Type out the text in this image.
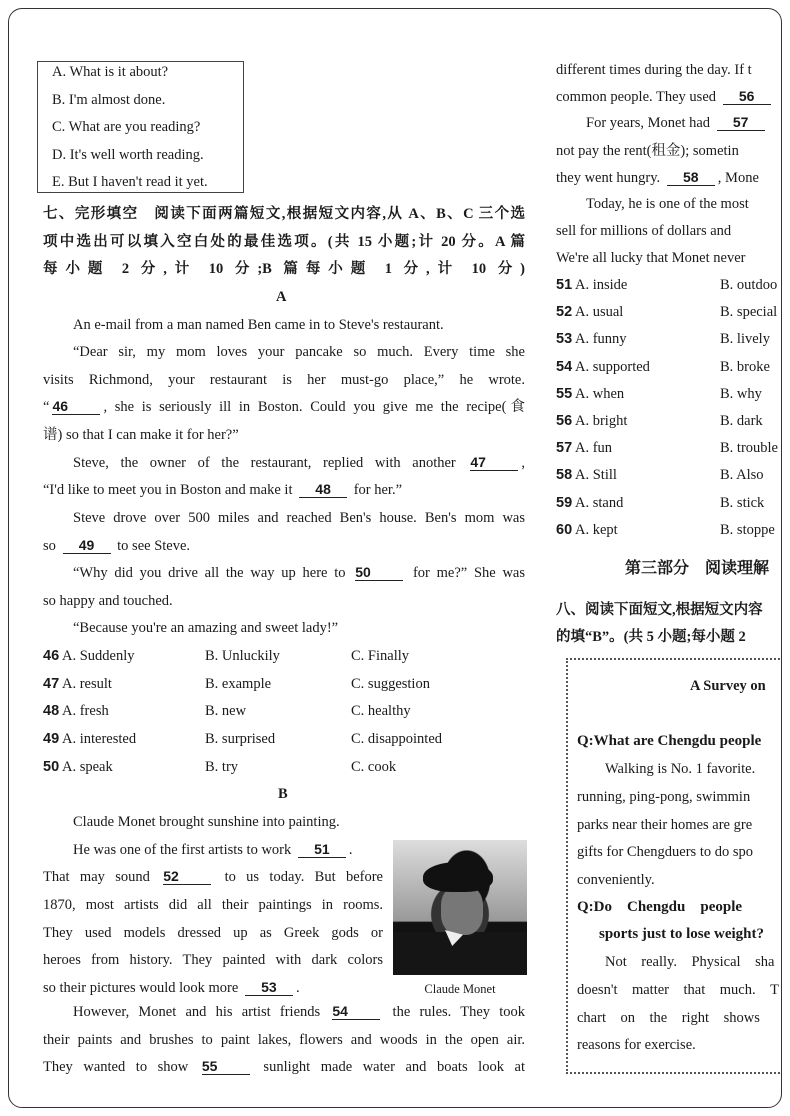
Claude Monet
different times during the day. If t
common people. They used 56
For years, Monet had 57
not pay the rent(租金); sometin
they went hungry. 58 , Mone
Today, he is one of the most
sell for millions of dollars and
We're all lucky that Monet never
51 A. inside	B. outdoo
52 A. usual	B. special
53 A. funny	B. lively
54 A. supported	B. broke
55 A. when	B. why
56 A. bright	B. dark
57 A. fun	B. trouble
58 A. Still	B. Also
59 A. stand	B. stick
60 A. kept	B. stoppe
第三部分　阅读理解
八、阅读下面短文,根据短文内容
的填“B”。(共 5 小题;每小题 2
A Survey on
Q:What are Chengdu people
Walking is No. 1 favorite.
running, ping-pong, swimmin
parks near their homes are gre
gifts for Chengduers to do spo
conveniently.
Q:Do　Chengdu　people
sports just to lose weight?
Not　really.　Physical　sha
doesn't　matter　that　much.　T
chart　on　the　right　shows
reasons for exercise.
A. What is it about?
B. I'm almost done.
C. What are you reading?
D. It's well worth reading.
E. But I haven't read it yet.
七、完形填空　阅读下面两篇短文,根据短文内容,从 A、B、C 三个选
项中选出可以填入空白处的最佳选项。(共 15 小题;计 20 分。A 篇
每小题 2 分,计 10 分;B 篇每小题 1 分,计 10 分)
A
An e-mail from a man named Ben came in to Steve's restaurant.
“Dear sir, my mom loves your pancake so much. Every time she
visits Richmond, your restaurant is her must-go place,” he wrote.
“ 46 , she is seriously ill in Boston. Could you give me the recipe(食
谱) so that I can make it for her?”
Steve, the owner of the restaurant, replied with another 47 ,
“I'd like to meet you in Boston and make it 48 for her.”
Steve drove over 500 miles and reached Ben's house. Ben's mom was
so 49 to see Steve.
“Why did you drive all the way up here to 50 for me?” She was
so happy and touched.
“Because you're an amazing and sweet lady!”
46 A. Suddenly	B. Unluckily	C. Finally
47 A. result	B. example	C. suggestion
48 A. fresh	B. new	C. healthy
49 A. interested	B. surprised	C. disappointed
50 A. speak	B. try	C. cook
B
Claude Monet brought sunshine into painting.
He was one of the first artists to work 51 .
That may sound 52 to us today. But before
1870, most artists did all their paintings in rooms.
They used models dressed up as Greek gods or
heroes from history. They painted with dark colors
so their pictures would look more 53 .
However, Monet and his artist friends 54 the rules. They took
their paints and brushes to paint lakes, flowers and woods in the open air.
They wanted to show 55 sunlight made water and boats look at
